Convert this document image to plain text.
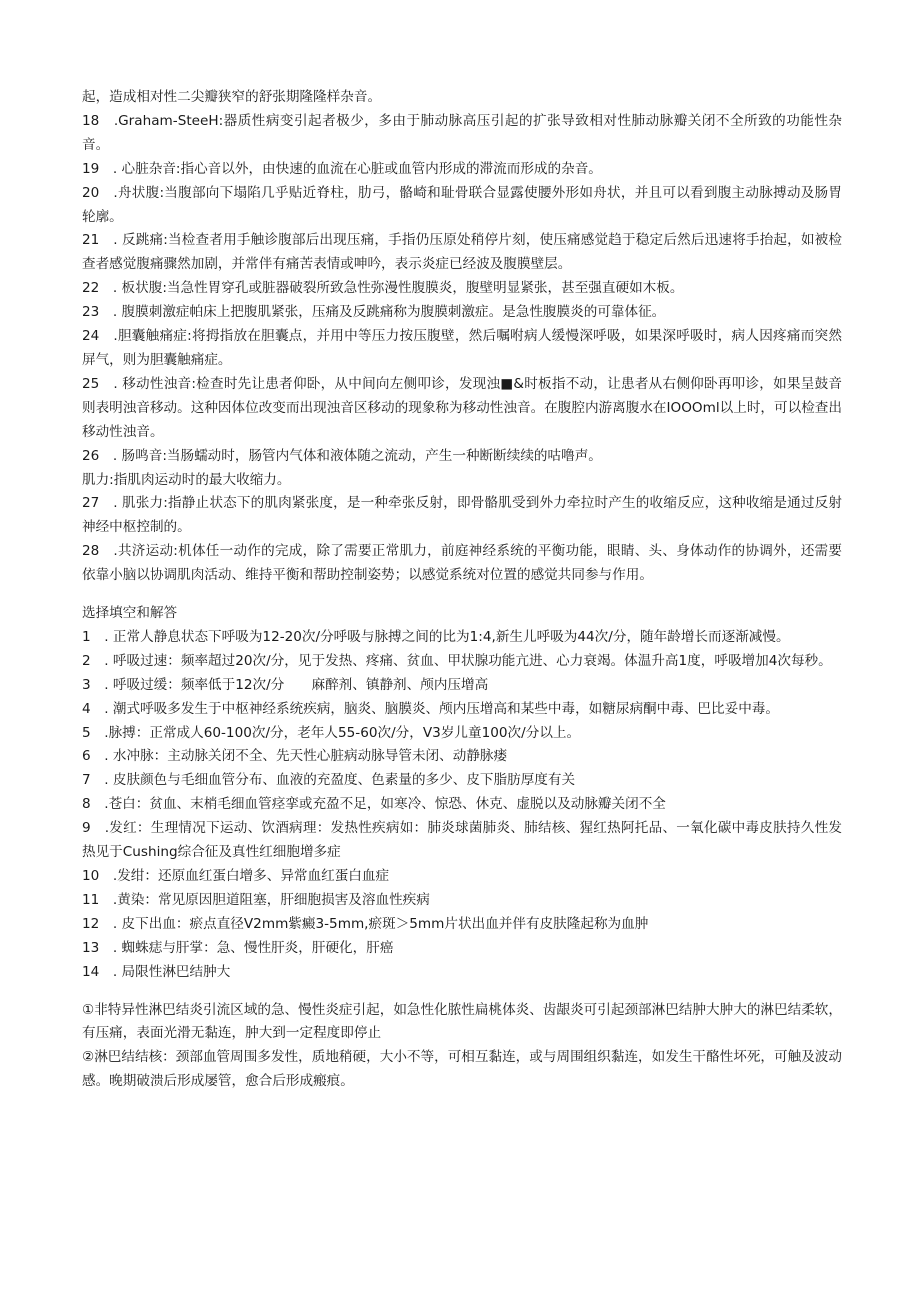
起，造成相对性二尖瓣狭窄的舒张期隆隆样杂音。

18　.Graham-SteeH:器质性病变引起者极少，多由于肺动脉高压引起的扩张导致相对性肺动脉瓣关闭不全所致的功能性杂音。

19　. 心脏杂音:指心音以外，由快速的血流在心脏或血管内形成的滞流而形成的杂音。

20　.舟状腹:当腹部向下塌陷几乎贴近脊柱，肋弓，骼崎和耻骨联合显露使腰外形如舟状，并且可以看到腹主动脉搏动及肠胃轮廓。

21　. 反跳痛:当检查者用手触诊腹部后出现压痛，手指仍压原处稍停片刻，使压痛感觉趋于稳定后然后迅速将手抬起，如被检查者感觉腹痛骤然加剧，并常伴有痛苦表情或呻吟，表示炎症已经波及腹膜壁层。

22　. 板状腹:当急性胃穿孔或脏器破裂所致急性弥漫性腹膜炎，腹壁明显紧张，甚至强直硬如木板。

23　. 腹膜刺激症帕床上把腹肌紧张，压痛及反跳痛称为腹膜刺激症。是急性腹膜炎的可靠体征。

24　.胆囊触痛症:将拇指放在胆囊点，并用中等压力按压腹壁，然后嘱咐病人缓慢深呼吸，如果深呼吸时，病人因疼痛而突然屏气，则为胆囊触痛症。

25　. 移动性浊音:检查时先让患者仰卧，从中间向左侧叩诊，发现浊■&时板指不动，让患者从右侧仰卧再叩诊，如果呈鼓音则表明浊音移动。这种因体位改变而出现浊音区移动的现象称为移动性浊音。在腹腔内游离腹水在IOOOml以上时，可以检查出移动性浊音。

26　. 肠鸣音:当肠蠕动时，肠管内气体和液体随之流动，产生一种断断续续的咕噜声。

肌力:指肌肉运动时的最大收缩力。

27　. 肌张力:指静止状态下的肌肉紧张度，是一种牵张反射，即骨骼肌受到外力牵拉时产生的收缩反应，这种收缩是通过反射神经中枢控制的。

28　.共济运动:机体任一动作的完成，除了需要正常肌力，前庭神经系统的平衡功能，眼睛、头、身体动作的协调外，还需要依靠小脑以协调肌肉活动、维持平衡和帮助控制姿势；以感觉系统对位置的感觉共同参与作用。

选择填空和解答

1　. 正常人静息状态下呼吸为12-20次/分呼吸与脉搏之间的比为1:4,新生儿呼吸为44次/分，随年龄增长而逐渐减慢。

2　. 呼吸过速：频率超过20次/分，见于发热、疼痛、贫血、甲状腺功能亢进、心力衰竭。体温升高1度，呼吸增加4次每秒。

3　. 呼吸过缓：频率低于12次/分　　麻醉剂、镇静剂、颅内压增高

4　. 潮式呼吸多发生于中枢神经系统疾病，脑炎、脑膜炎、颅内压增高和某些中毒，如糖尿病酮中毒、巴比妥中毒。

5　.脉搏：正常成人60-100次/分，老年人55-60次/分，V3岁儿童100次/分以上。

6　. 水冲脉：主动脉关闭不全、先天性心脏病动脉导管未闭、动静脉瘘

7　. 皮肤颜色与毛细血管分布、血液的充盈度、色素量的多少、皮下脂肪厚度有关

8　.苍白：贫血、末梢毛细血管痉挛或充盈不足，如寒冷、惊恐、休克、虚脱以及动脉瓣关闭不全

9　.发红：生理情况下运动、饮酒病理：发热性疾病如：肺炎球菌肺炎、肺结核、猩红热阿托品、一氧化碳中毒皮肤持久性发热见于Cushing综合征及真性红细胞增多症

10　.发绀：还原血红蛋白增多、异常血红蛋白血症

11　.黄染：常见原因胆道阻塞，肝细胞损害及溶血性疾病

12　. 皮下出血：瘀点直径V2mm紫癜3-5mm,瘀斑＞5mm片状出血并伴有皮肤隆起称为血肿

13　. 蜘蛛痣与肝掌：急、慢性肝炎，肝硬化，肝癌

14　. 局限性淋巴结肿大

①非特异性淋巴结炎引流区域的急、慢性炎症引起，如急性化脓性扁桃体炎、齿龈炎可引起颈部淋巴结肿大肿大的淋巴结柔软，有压痛，表面光滑无黏连，肿大到一定程度即停止

②淋巴结结核：颈部血管周围多发性，质地稍硬，大小不等，可相互黏连，或与周围组织黏连，如发生干酪性坏死，可触及波动感。晚期破溃后形成屡管，愈合后形成瘢痕。
